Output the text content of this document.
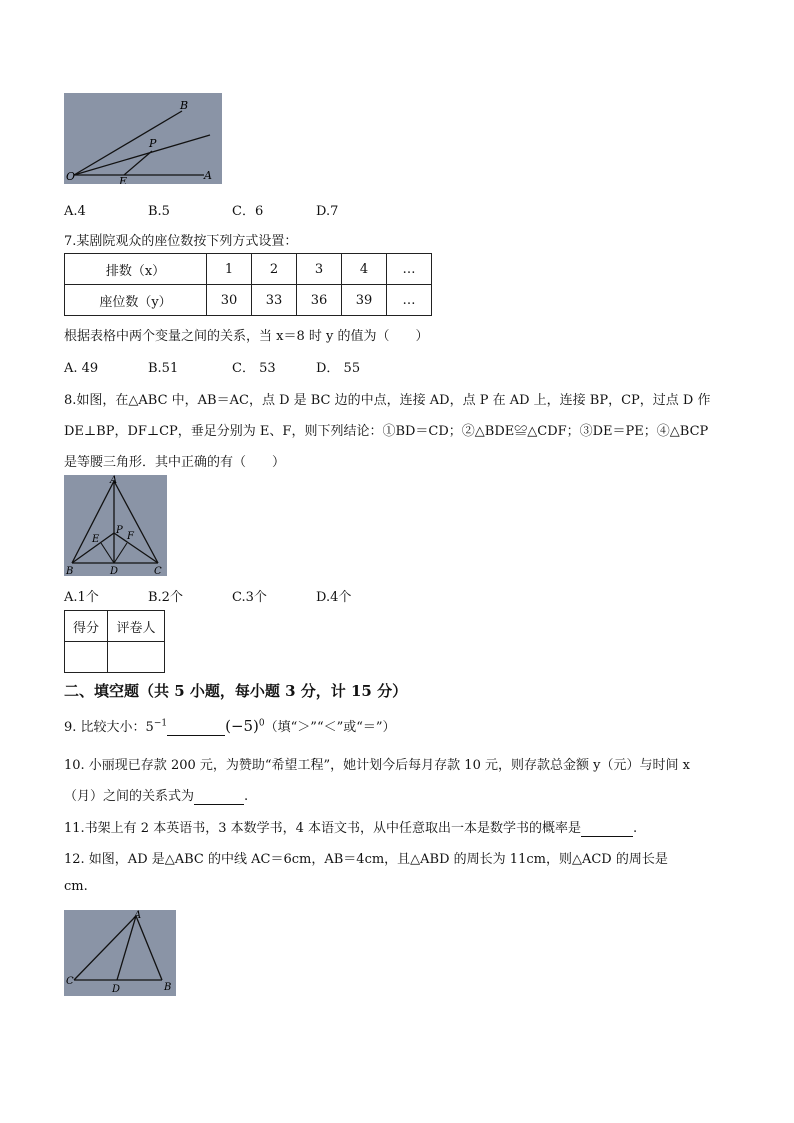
B
P
O	E	A
A.4	B.5	C．6	D.7
7.某剧院观众的座位数按下列方式设置：
排数（x）	1	2	3	4	…
座位数（y）	30	33	36	39	…
根据表格中两个变量之间的关系，当 x＝8 时 y 的值为（　　）
A. 49	B.51	C． 53	D． 55
8.如图，在△ABC 中，AB＝AC，点 D 是 BC 边的中点，连接 AD，点 P 在 AD 上，连接 BP，CP，过点 D 作
DE⊥BP，DF⊥CP，垂足分别为 E、F，则下列结论：①BD＝CD；②△BDE≌△CDF；③DE＝PE；④△BCP
是等腰三角形．其中正确的有（　　）
A
P
E	F
B	D	C
A.1个	B.2个	C.3个	D.4个
得分	评卷人

二、填空题（共 5 小题，每小题 3 分，计 15 分）
9. 比较大小：$5^{-1}$	$(-5)^0$（填“＞”“＜”或“＝”）
10. 小丽现已存款 200 元，为赞助“希望工程”，她计划今后每月存款 10 元，则存款总金额 y（元）与时间 x
（月）之间的关系式为	.
11.书架上有 2 本英语书，3 本数学书，4 本语文书，从中任意取出一本是数学书的概率是	.
12. 如图，AD 是△ABC 的中线 AC＝6cm，AB＝4cm，且△ABD 的周长为 11cm，则△ACD 的周长是
cm.
A
C
D	B
